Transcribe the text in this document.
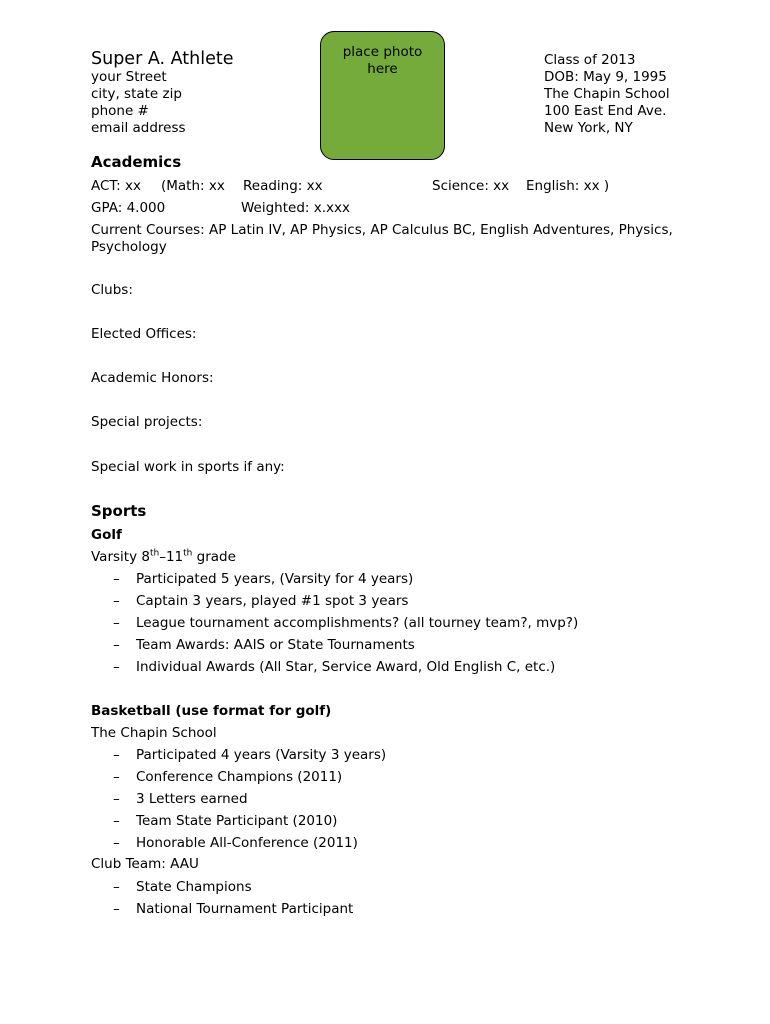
Super A. Athlete
your Street
city, state zip
phone #
email address
place photo
here
Class of 2013
DOB: May 9, 1995
The Chapin School
100 East End Ave.
New York, NY
Academics
ACT: xx (Math: xx Reading: xx	Science: xx English: xx )
GPA: 4.000	Weighted: x.xxx
Current Courses: AP Latin IV, AP Physics, AP Calculus BC, English Adventures, Physics,
Psychology
Clubs:
Elected Offices:
Academic Honors:
Special projects:
Special work in sports if any:
Sports
Golf
Varsity 8th–11th grade
– Participated 5 years, (Varsity for 4 years)
– Captain 3 years, played #1 spot 3 years
– League tournament accomplishments? (all tourney team?, mvp?)
– Team Awards: AAIS or State Tournaments
– Individual Awards (All Star, Service Award, Old English C, etc.)
Basketball (use format for golf)
The Chapin School
– Participated 4 years (Varsity 3 years)
– Conference Champions (2011)
– 3 Letters earned
– Team State Participant (2010)
– Honorable All-Conference (2011)
Club Team: AAU
– State Champions
– National Tournament Participant
